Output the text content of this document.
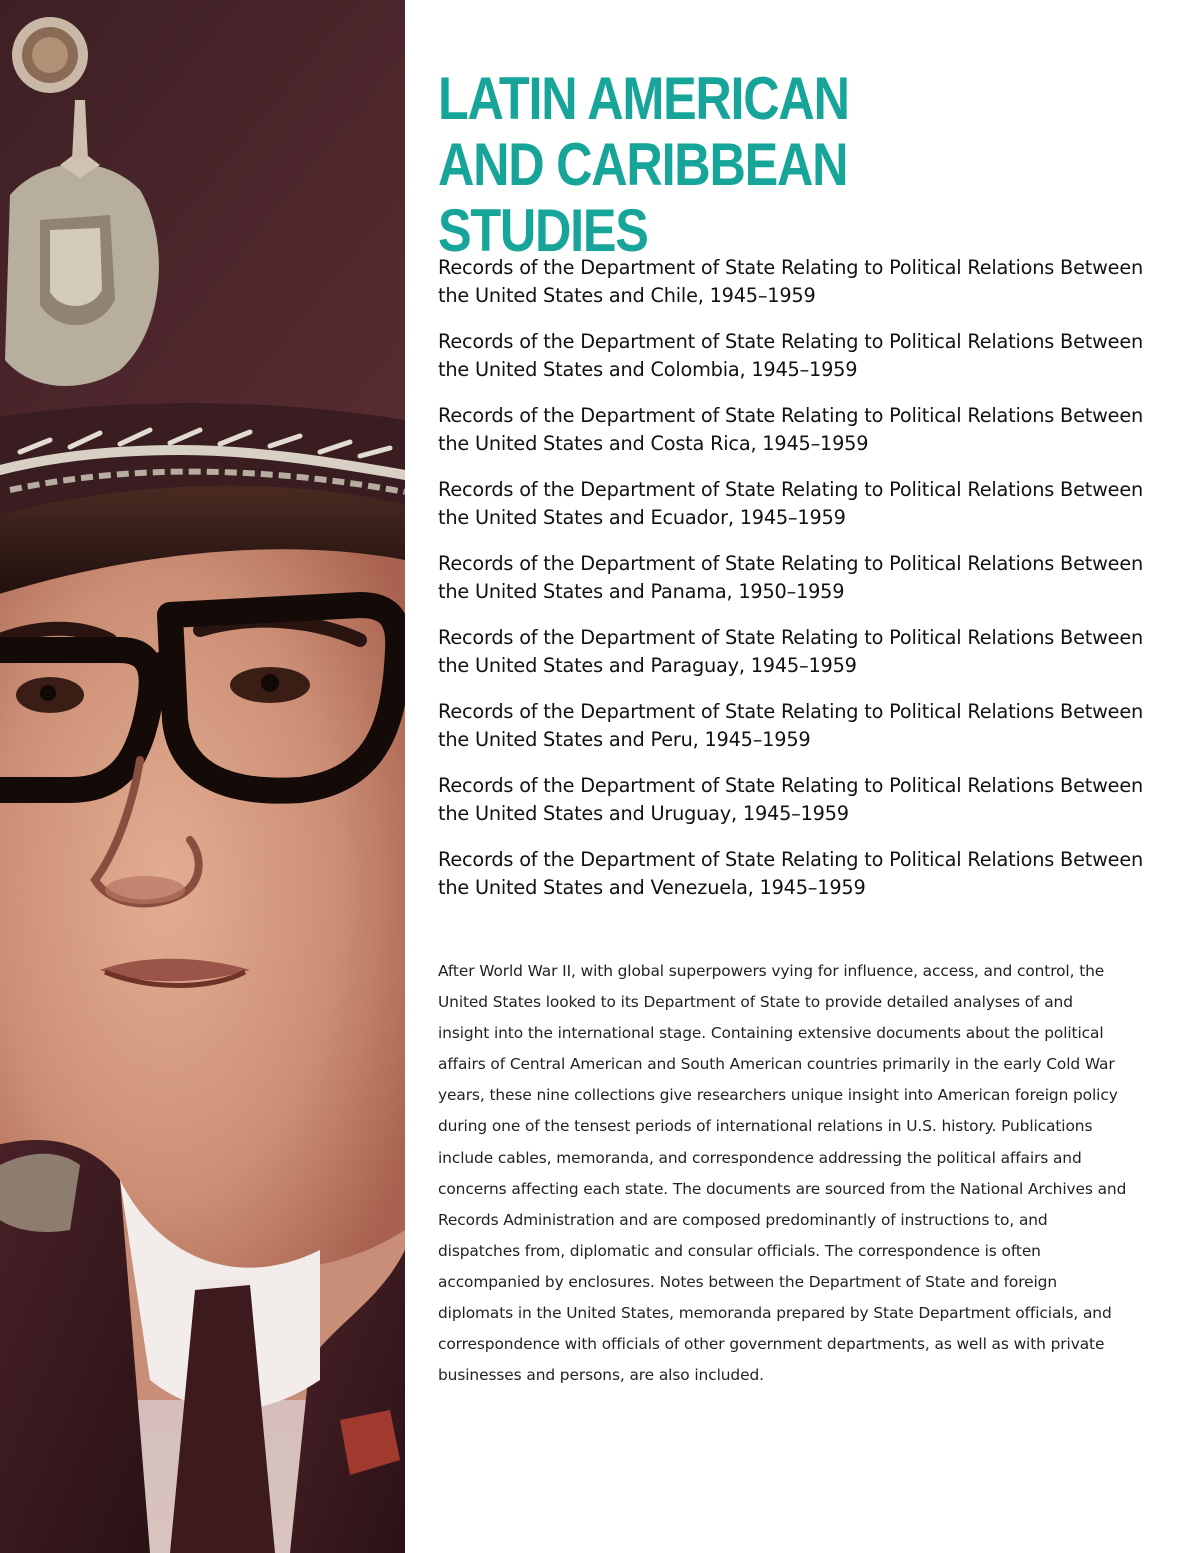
LATIN AMERICAN AND CARIBBEAN STUDIES
Records of the Department of State Relating to Political Relations Between the United States and Chile, 1945–1959
Records of the Department of State Relating to Political Relations Between the United States and Colombia, 1945–1959
Records of the Department of State Relating to Political Relations Between the United States and Costa Rica, 1945–1959
Records of the Department of State Relating to Political Relations Between the United States and Ecuador, 1945–1959
Records of the Department of State Relating to Political Relations Between the United States and Panama, 1950–1959
Records of the Department of State Relating to Political Relations Between the United States and Paraguay, 1945–1959
Records of the Department of State Relating to Political Relations Between the United States and Peru, 1945–1959
Records of the Department of State Relating to Political Relations Between the United States and Uruguay, 1945–1959
Records of the Department of State Relating to Political Relations Between the United States and Venezuela, 1945–1959

After World War II, with global superpowers vying for influence, access, and control, the United States looked to its Department of State to provide detailed analyses of and insight into the international stage. Containing extensive documents about the political affairs of Central American and South American countries primarily in the early Cold War years, these nine collections give researchers unique insight into American foreign policy during one of the tensest periods of international relations in U.S. history. Publications include cables, memoranda, and correspondence addressing the political affairs and concerns affecting each state. The documents are sourced from the National Archives and Records Administration and are composed predominantly of instructions to, and dispatches from, diplomatic and consular officials. The correspondence is often accompanied by enclosures. Notes between the Department of State and foreign diplomats in the United States, memoranda prepared by State Department officials, and correspondence with officials of other government departments, as well as with private businesses and persons, are also included.
